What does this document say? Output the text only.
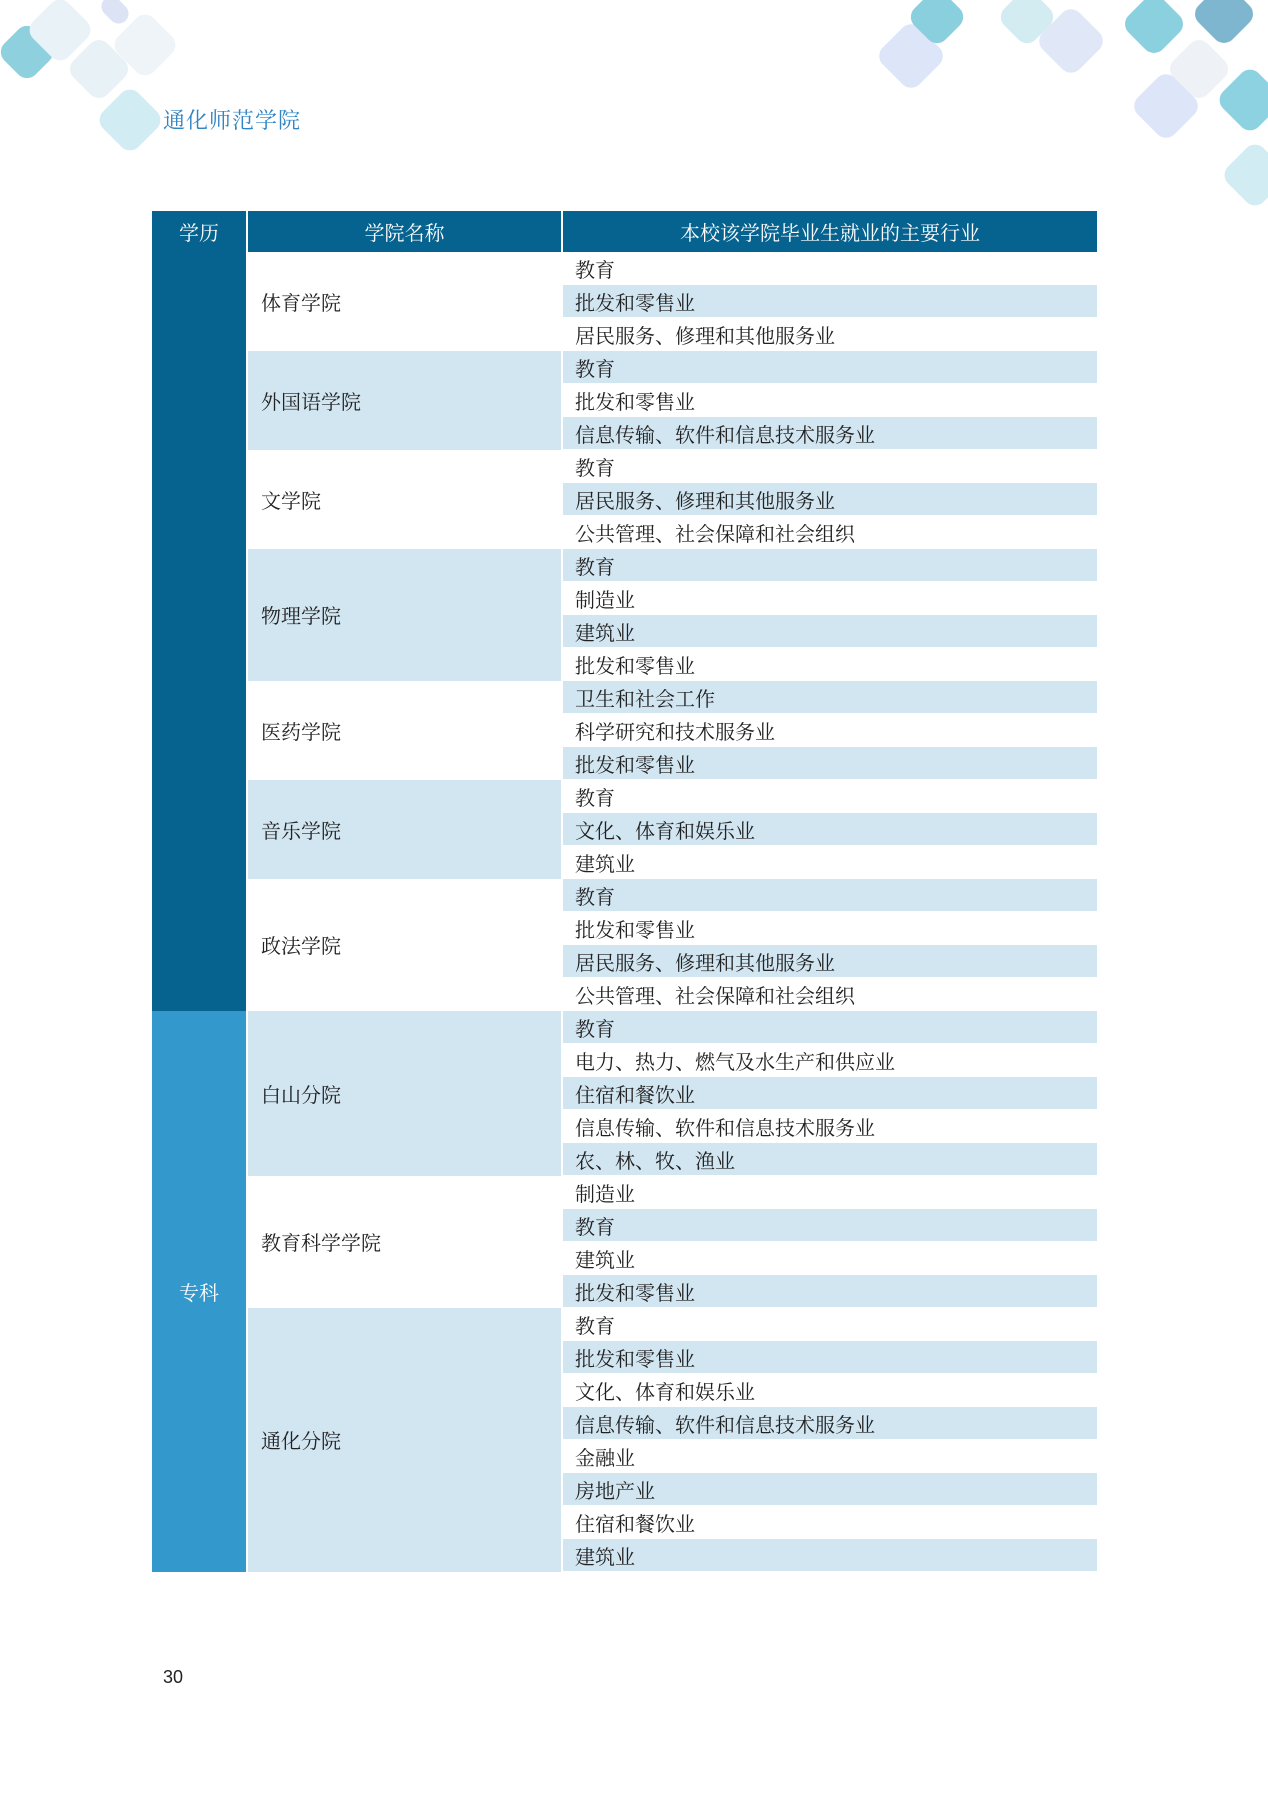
通化师范学院
学历	学院名称	本校该学院毕业生就业的主要行业
	体育学院	教育
		批发和零售业
		居民服务、修理和其他服务业
	外国语学院	教育
		批发和零售业
		信息传输、软件和信息技术服务业
	文学院	教育
		居民服务、修理和其他服务业
		公共管理、社会保障和社会组织
	物理学院	教育
		制造业
		建筑业
		批发和零售业
	医药学院	卫生和社会工作
		科学研究和技术服务业
		批发和零售业
	音乐学院	教育
		文化、体育和娱乐业
		建筑业
	政法学院	教育
		批发和零售业
		居民服务、修理和其他服务业
		公共管理、社会保障和社会组织
专科	白山分院	教育
		电力、热力、燃气及水生产和供应业
		住宿和餐饮业
		信息传输、软件和信息技术服务业
		农、林、牧、渔业
	教育科学学院	制造业
		教育
		建筑业
		批发和零售业
	通化分院	教育
		批发和零售业
		文化、体育和娱乐业
		信息传输、软件和信息技术服务业
		金融业
		房地产业
		住宿和餐饮业
		建筑业
30
